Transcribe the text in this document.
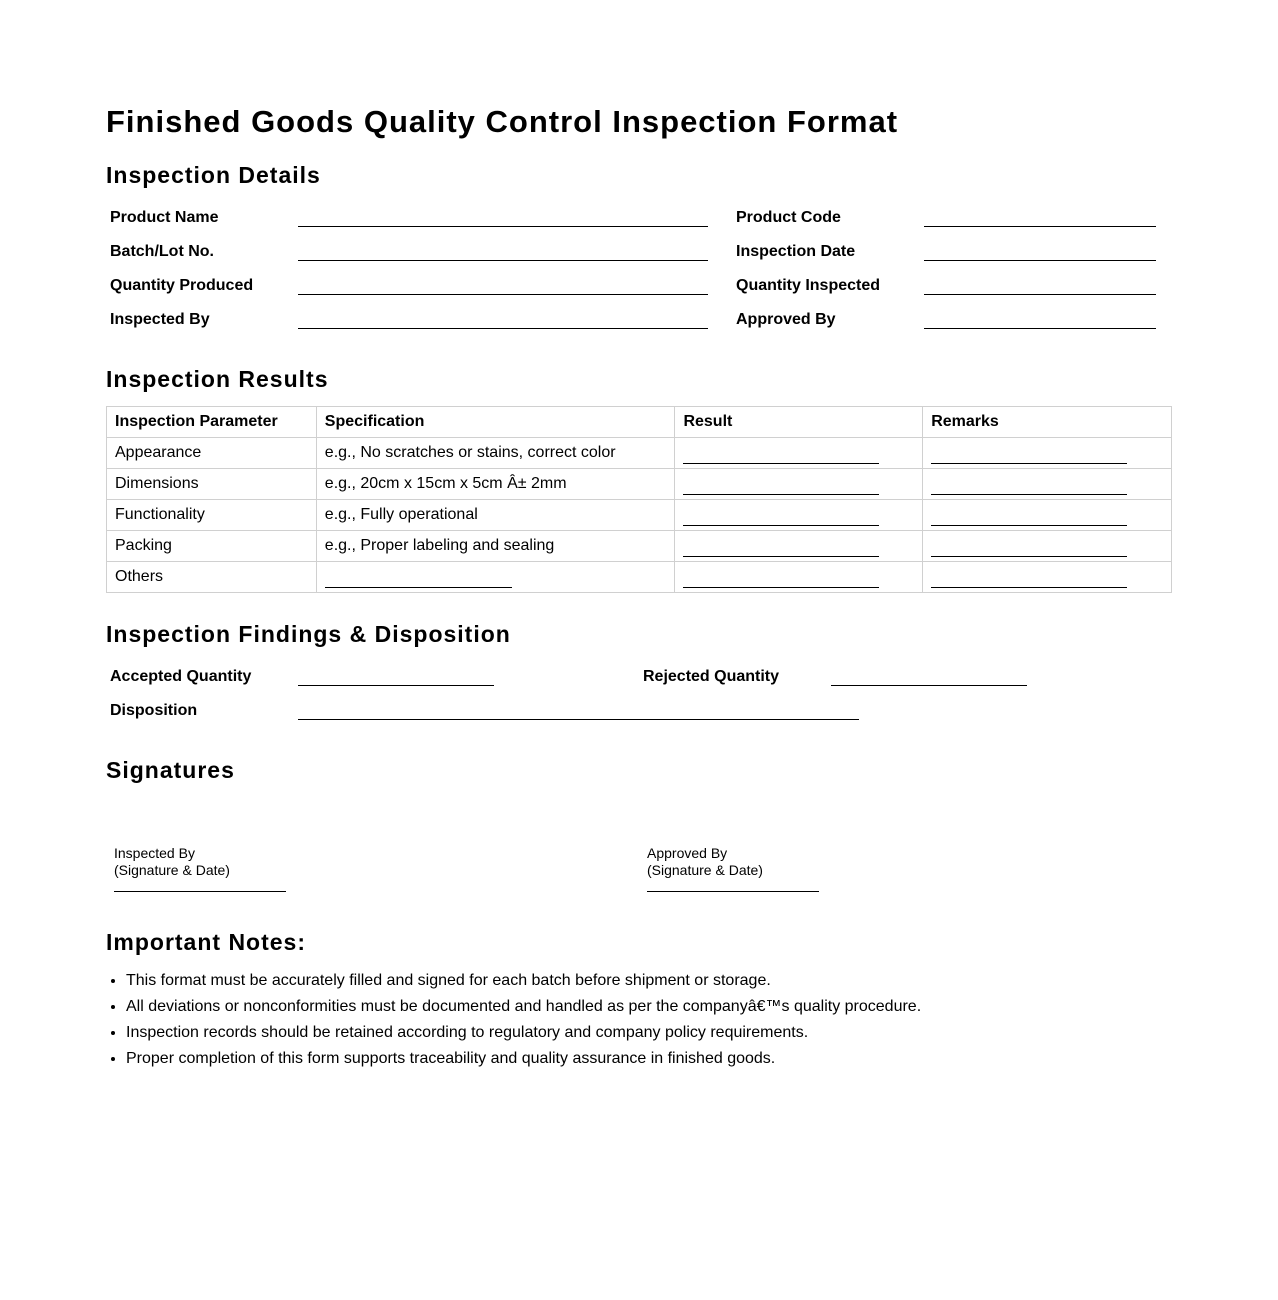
Finished Goods Quality Control Inspection Format
Inspection Details
Product Name	Product Code
Batch/Lot No.	Inspection Date
Quantity Produced	Quantity Inspected
Inspected By	Approved By
Inspection Results
Inspection Parameter	Specification	Result	Remarks
Appearance	e.g., No scratches or stains, correct color		
Dimensions	e.g., 20cm x 15cm x 5cm Â± 2mm		
Functionality	e.g., Fully operational		
Packing	e.g., Proper labeling and sealing		
Others			
Inspection Findings & Disposition
Accepted Quantity	Rejected Quantity
Disposition
Signatures
Inspected By
(Signature & Date)
Approved By
(Signature & Date)
Important Notes:
• This format must be accurately filled and signed for each batch before shipment or storage.
• All deviations or nonconformities must be documented and handled as per the companyâ€™s quality procedure.
• Inspection records should be retained according to regulatory and company policy requirements.
• Proper completion of this form supports traceability and quality assurance in finished goods.
